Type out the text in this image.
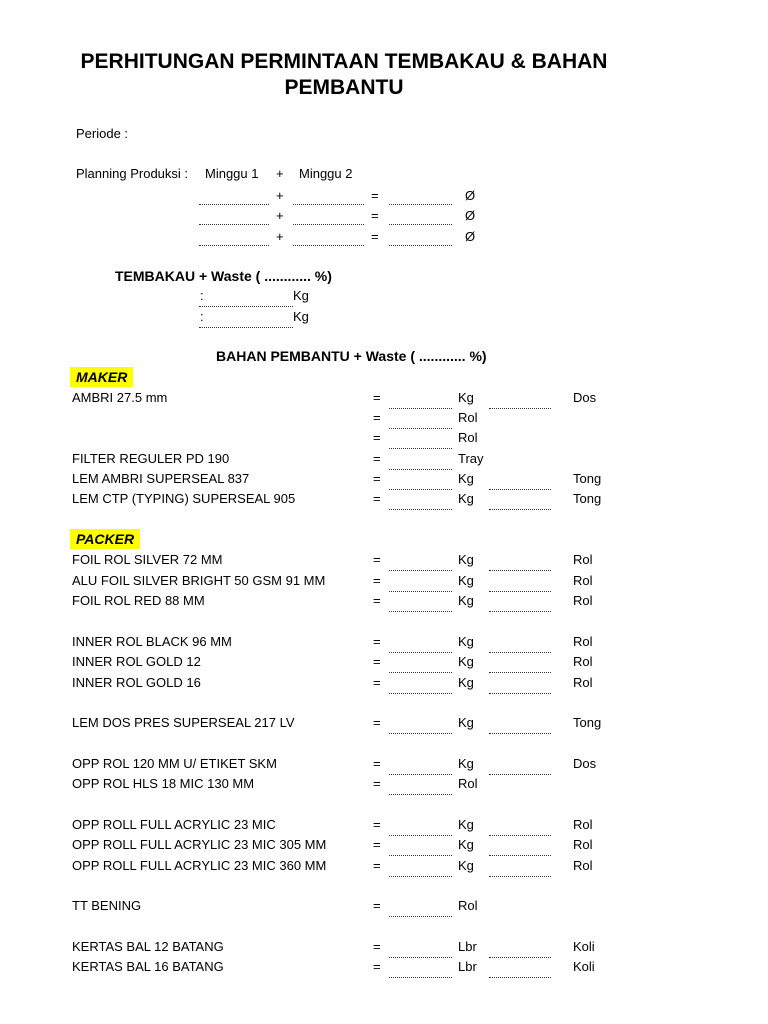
PERHITUNGAN PERMINTAAN TEMBAKAU & BAHAN
PEMBANTU
Periode :
Planning Produksi : Minggu 1 + Minggu 2
+	=	Ø
+	=	Ø
+	=	Ø
TEMBAKAU + Waste ( ............ %)
:	Kg
:	Kg
BAHAN PEMBANTU + Waste ( ............ %)
MAKER
AMBRI 27.5 mm	=	Kg	Dos
=	Rol
=	Rol
FILTER REGULER PD 190	=	Tray
LEM AMBRI SUPERSEAL 837	=	Kg	Tong
LEM CTP (TYPING) SUPERSEAL 905	=	Kg	Tong
PACKER
FOIL ROL SILVER 72 MM	=	Kg	Rol
ALU FOIL SILVER BRIGHT 50 GSM 91 MM	=	Kg	Rol
FOIL ROL RED 88 MM	=	Kg	Rol
INNER ROL BLACK 96 MM	=	Kg	Rol
INNER ROL GOLD 12	=	Kg	Rol
INNER ROL GOLD 16	=	Kg	Rol
LEM DOS PRES SUPERSEAL 217 LV	=	Kg	Tong
OPP ROL 120 MM U/ ETIKET SKM	=	Kg	Dos
OPP ROL HLS 18 MIC 130 MM	=	Rol
OPP ROLL FULL ACRYLIC 23 MIC	=	Kg	Rol
OPP ROLL FULL ACRYLIC 23 MIC 305 MM	=	Kg	Rol
OPP ROLL FULL ACRYLIC 23 MIC 360 MM	=	Kg	Rol
TT BENING	=	Rol
KERTAS BAL 12 BATANG	=	Lbr	Koli
KERTAS BAL 16 BATANG	=	Lbr	Koli
